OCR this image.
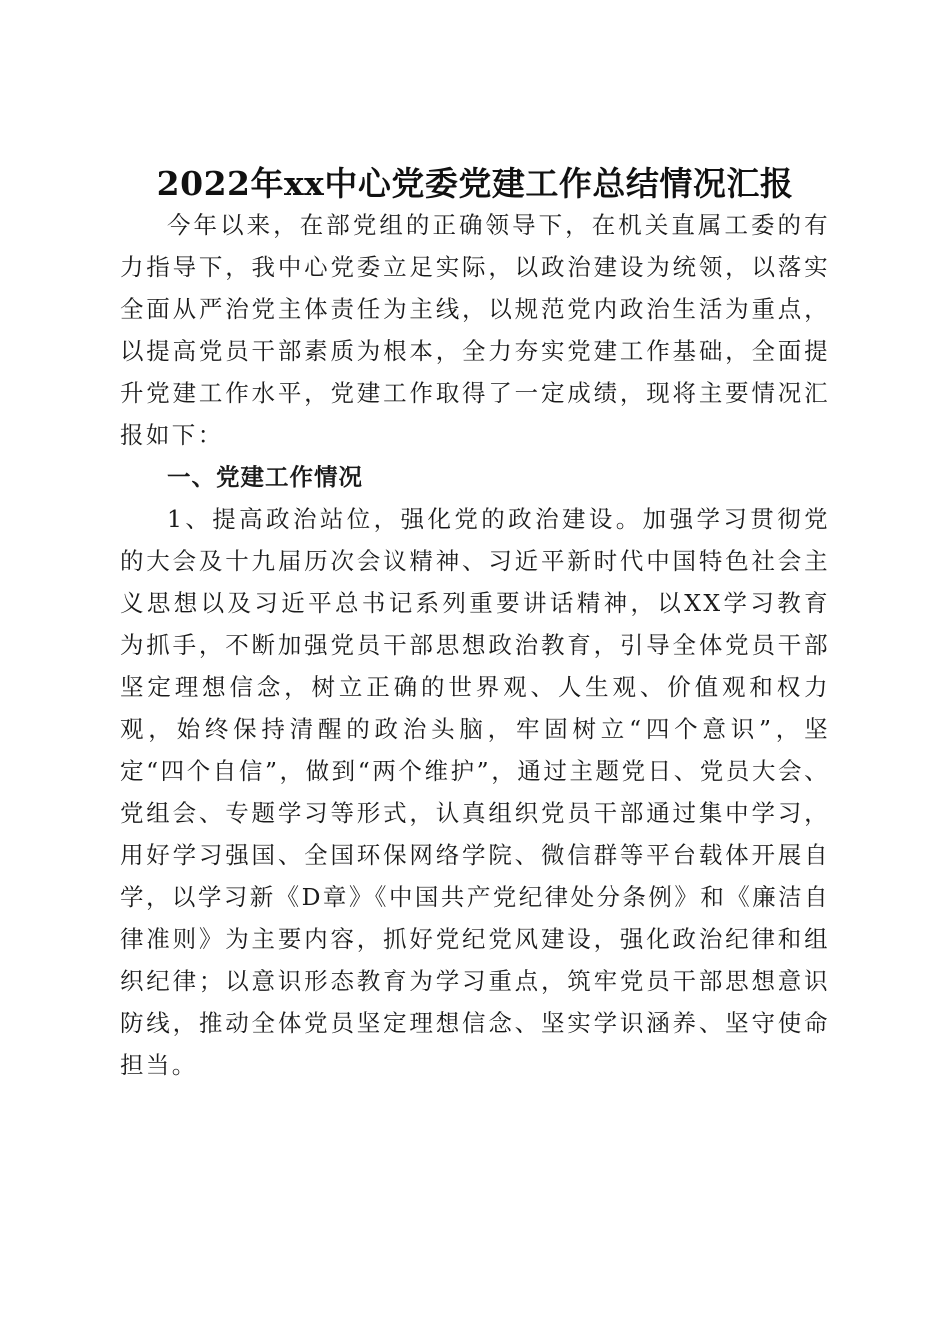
2022年xx中心党委党建工作总结情况汇报

今年以来，在部党组的正确领导下，在机关直属工委的有力指导下，我中心党委立足实际，以政治建设为统领，以落实全面从严治党主体责任为主线，以规范党内政治生活为重点，以提高党员干部素质为根本，全力夯实党建工作基础，全面提升党建工作水平，党建工作取得了一定成绩，现将主要情况汇报如下：

一、党建工作情况

1、提高政治站位，强化党的政治建设。加强学习贯彻党的大会及十九届历次会议精神、习近平新时代中国特色社会主义思想以及习近平总书记系列重要讲话精神，以XX学习教育为抓手，不断加强党员干部思想政治教育，引导全体党员干部坚定理想信念，树立正确的世界观、人生观、价值观和权力观，始终保持清醒的政治头脑，牢固树立“四个意识”，坚定“四个自信”，做到“两个维护”，通过主题党日、党员大会、党组会、专题学习等形式，认真组织党员干部通过集中学习，用好学习强国、全国环保网络学院、微信群等平台载体开展自学，以学习新《D章》《中国共产党纪律处分条例》和《廉洁自律准则》为主要内容，抓好党纪党风建设，强化政治纪律和组织纪律；以意识形态教育为学习重点，筑牢党员干部思想意识防线，推动全体党员坚定理想信念、坚实学识涵养、坚守使命担当。
